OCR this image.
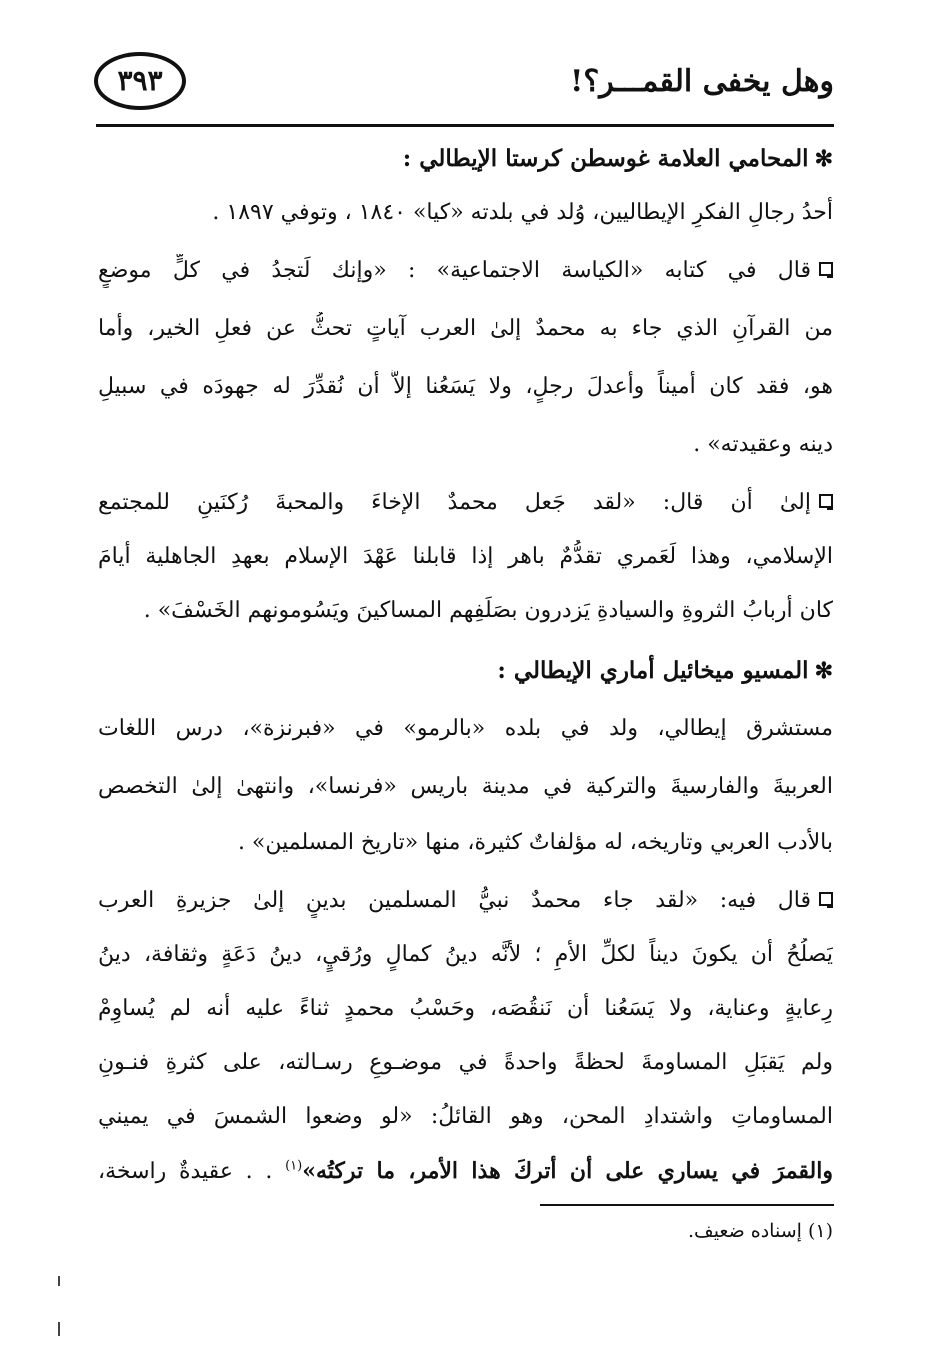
٣٩٣	وهل يخفى القمـــر؟!
✻المحامي العلامة غوسطن كرستا الإيطالي :
أحدُ رجالِ الفكرِ الإيطاليين، وُلد في بلدته «كيا» ١٨٤٠ ، وتوفي ١٨٩٧ .
قال في كتابه «الكياسة الاجتماعية» : «وإنك لَتجدُ في كلٍّ موضعٍ
من القرآنِ الذي جاء به محمدٌ إلىٰ العرب آياتٍ تحثُّ عن فعلِ الخير، وأما
هو، فقد كان أميناً وأعدلَ رجلٍ، ولا يَسَعُنا إلاَّ أن نُقدِّرَ له جهودَه في سبيلِ
دينه وعقيدته» .
إلىٰ أن قال: «لقد جَعل محمدٌ الإخاءَ والمحبةَ رُكنَينِ للمجتمع
الإسلامي، وهذا لَعَمري تقدُّمٌ باهر إذا قابلنا عَهْدَ الإسلام بعهدِ الجاهلية أيامَ
كان أربابُ الثروةِ والسيادةِ يَزدرون بصَلَفِهم المساكينَ ويَسُومونهم الخَسْفَ» .
✻المسيو ميخائيل أماري الإيطالي :
مستشرق إيطالي، ولد في بلده «بالرمو» في «فبرنزة»، درس اللغات
العربيةَ والفارسيةَ والتركية في مدينة باريس «فرنسا»، وانتهىٰ إلىٰ التخصص
بالأدب العربي وتاريخه، له مؤلفاتٌ كثيرة، منها «تاريخ المسلمين» .
قال فيه: «لقد جاء محمدٌ نبيُّ المسلمين بدينٍ إلىٰ جزيرةِ العرب
يَصلُحُ أن يكونَ ديناً لكلِّ الأمِ ؛ لأنَّه دينُ كمالٍ ورُقيٍ، دينُ دَعَةٍ وثقافة، دينُ
رِعايةٍ وعناية، ولا يَسَعُنا أن نَنقُصَه، وحَسْبُ محمدٍ ثناءً عليه أنه لم يُساوِمْ
ولم يَقبَلِ المساومةَ لحظةً واحدةً في موضـوعِ رسـالته، على كثرةِ فنـونِ
المساوماتِ واشتدادِ المحن، وهو القائلُ: «لو وضعوا الشمسَ في يميني
والقمرَ في يساري على أن أتركَ هذا الأمر، ما تركتُه»$^{(١)}$ . . عقيدةٌ راسخة،
(١) إسناده ضعيف.
